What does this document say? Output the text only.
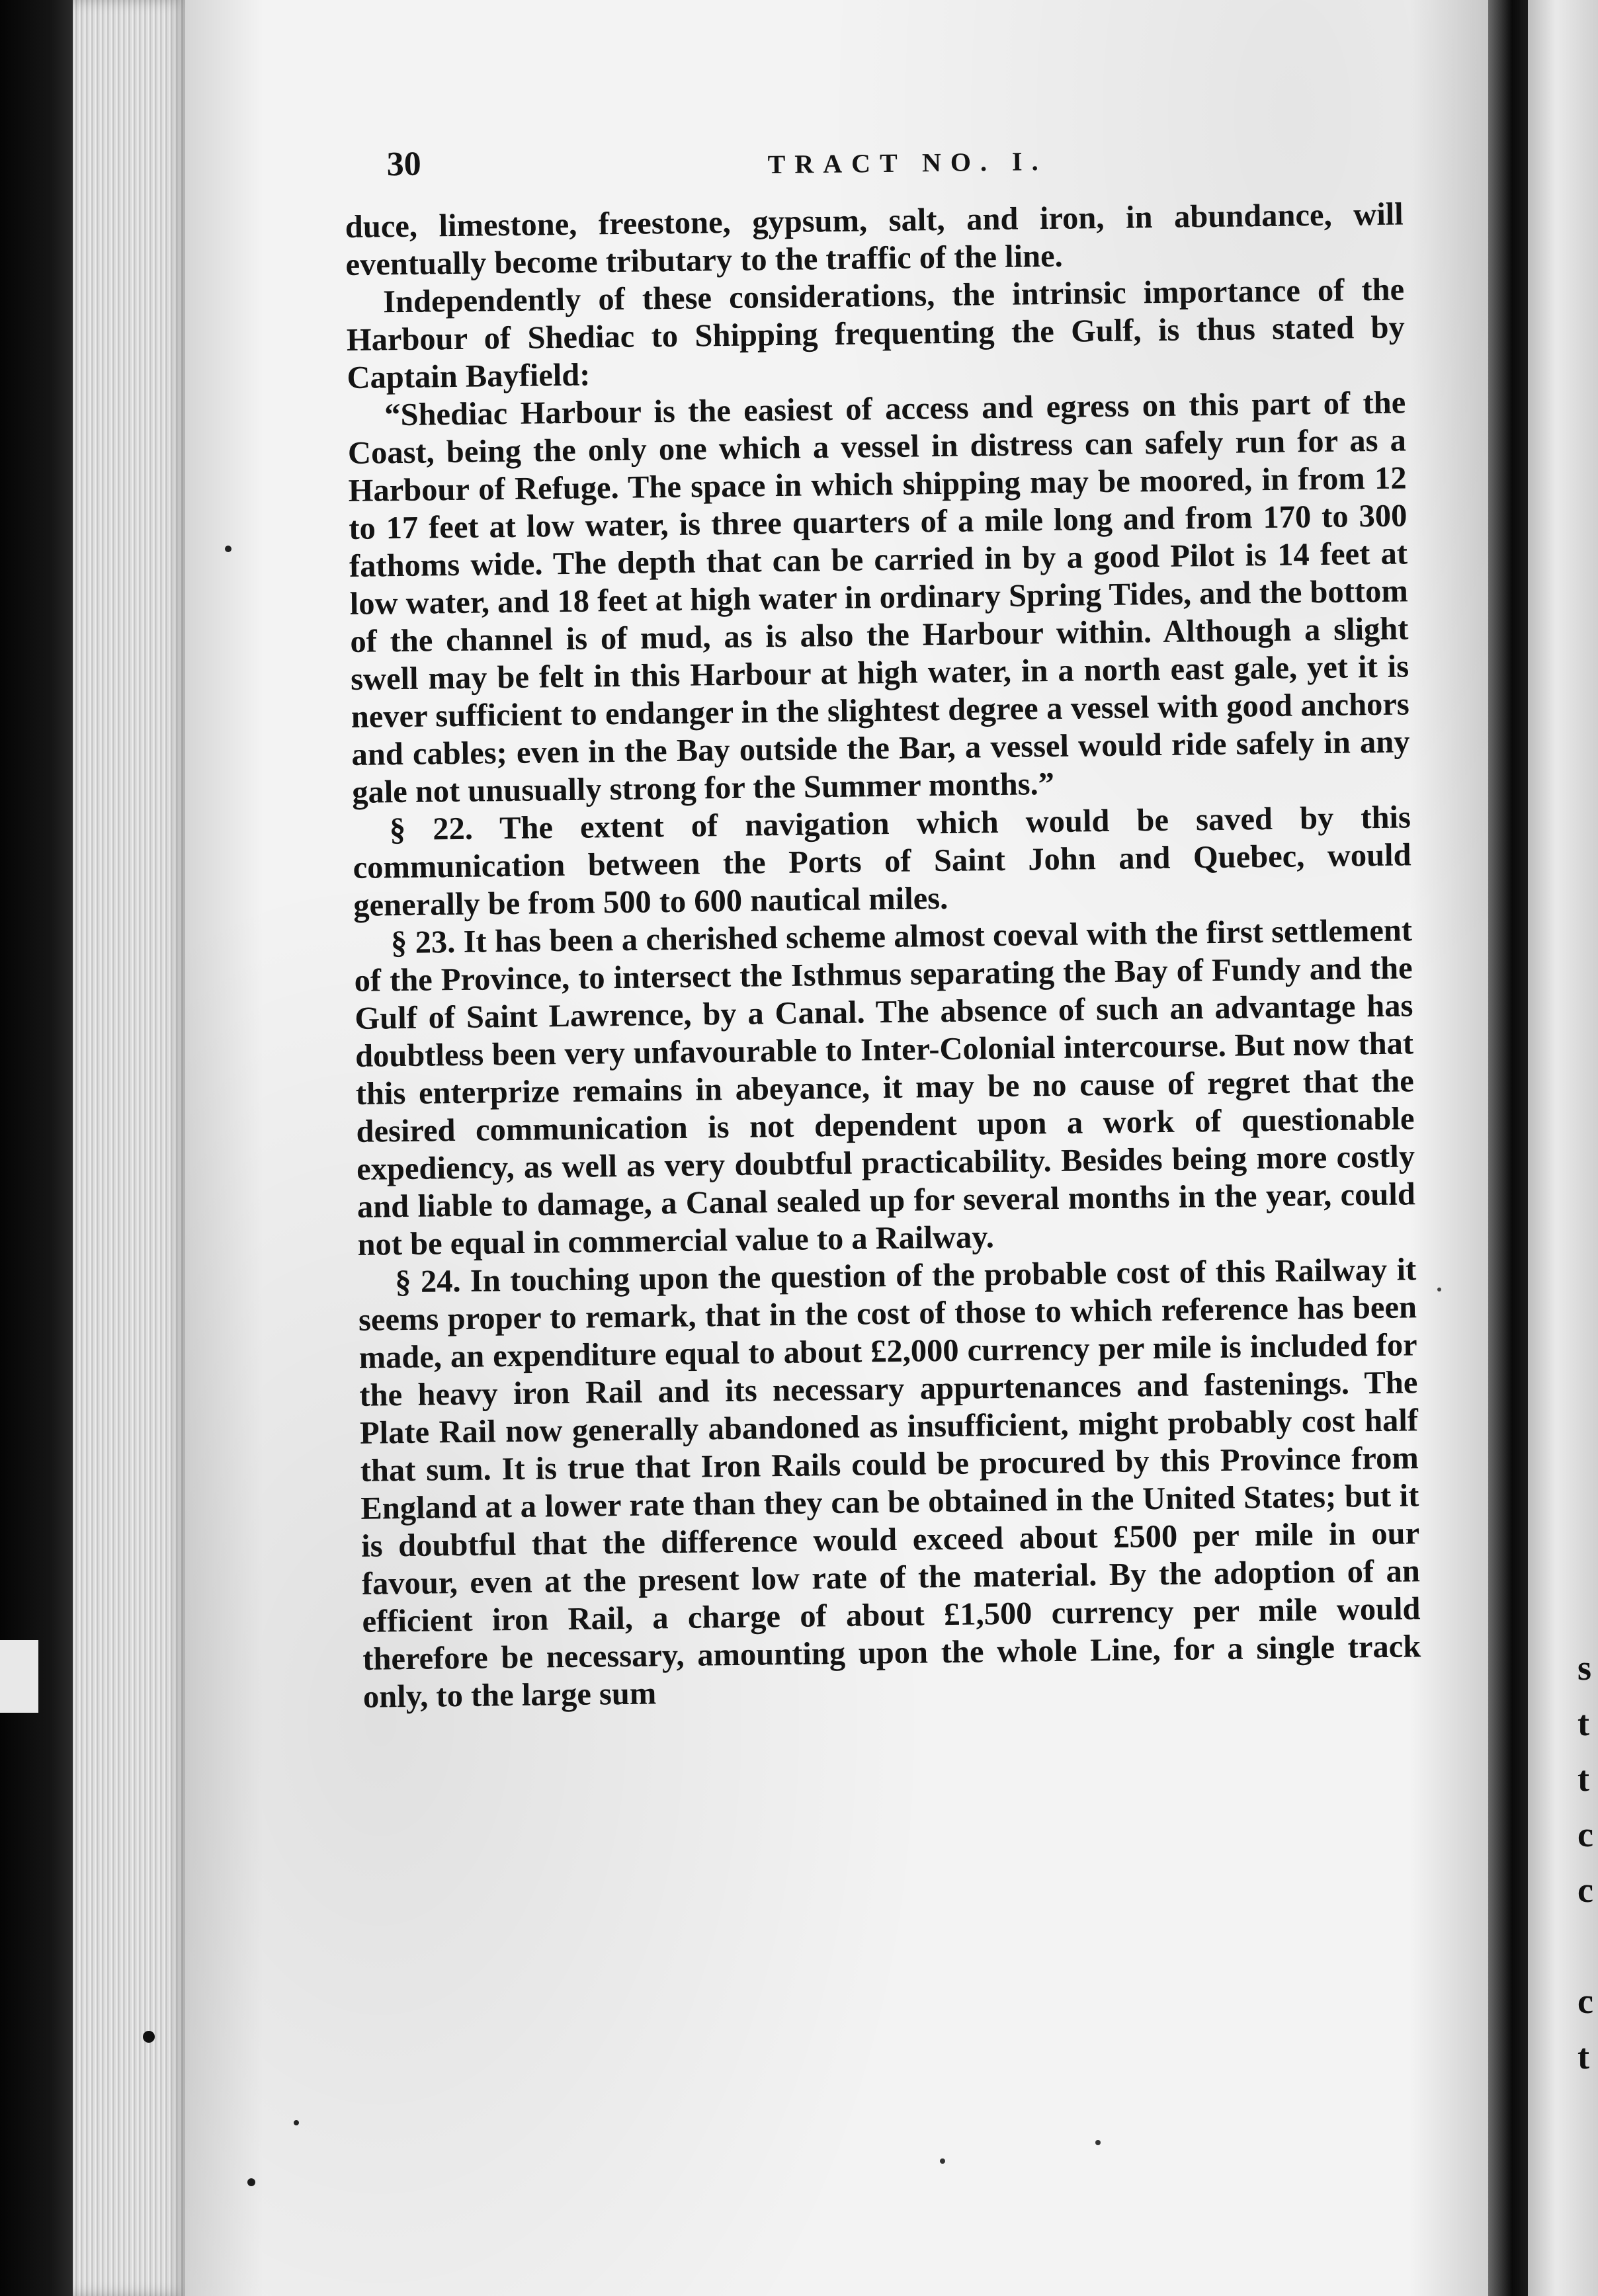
s
t
t
c
c

c
t
30	TRACT NO. I.

duce, limestone, freestone, gypsum, salt, and iron, in abundance, will eventually become tributary to the traffic of the line.

Independently of these considerations, the intrinsic importance of the Harbour of Shediac to Shipping frequenting the Gulf, is thus stated by Captain Bayfield:

“Shediac Harbour is the easiest of access and egress on this part of the Coast, being the only one which a vessel in distress can safely run for as a Harbour of Refuge. The space in which shipping may be moored, in from 12 to 17 feet at low water, is three quarters of a mile long and from 170 to 300 fathoms wide. The depth that can be carried in by a good Pilot is 14 feet at low water, and 18 feet at high water in ordinary Spring Tides, and the bottom of the channel is of mud, as is also the Harbour within. Although a slight swell may be felt in this Harbour at high water, in a north east gale, yet it is never sufficient to endanger in the slightest degree a vessel with good anchors and cables; even in the Bay outside the Bar, a vessel would ride safely in any gale not unusually strong for the Summer months.”

§ 22. The extent of navigation which would be saved by this communication between the Ports of Saint John and Quebec, would generally be from 500 to 600 nautical miles.

§ 23. It has been a cherished scheme almost coeval with the first settlement of the Province, to intersect the Isthmus separating the Bay of Fundy and the Gulf of Saint Lawrence, by a Canal. The absence of such an advantage has doubtless been very unfavourable to Inter-Colonial intercourse. But now that this enterprize remains in abeyance, it may be no cause of regret that the desired communication is not dependent upon a work of questionable expediency, as well as very doubtful practicability. Besides being more costly and liable to damage, a Canal sealed up for several months in the year, could not be equal in commercial value to a Railway.

§ 24. In touching upon the question of the probable cost of this Railway it seems proper to remark, that in the cost of those to which reference has been made, an expenditure equal to about £2,000 currency per mile is included for the heavy iron Rail and its necessary appurtenances and fastenings. The Plate Rail now generally abandoned as insufficient, might probably cost half that sum. It is true that Iron Rails could be procured by this Province from England at a lower rate than they can be obtained in the United States; but it is doubtful that the difference would exceed about £500 per mile in our favour, even at the present low rate of the material. By the adoption of an efficient iron Rail, a charge of about £1,500 currency per mile would therefore be necessary, amounting upon the whole Line, for a single track only, to the large sum
